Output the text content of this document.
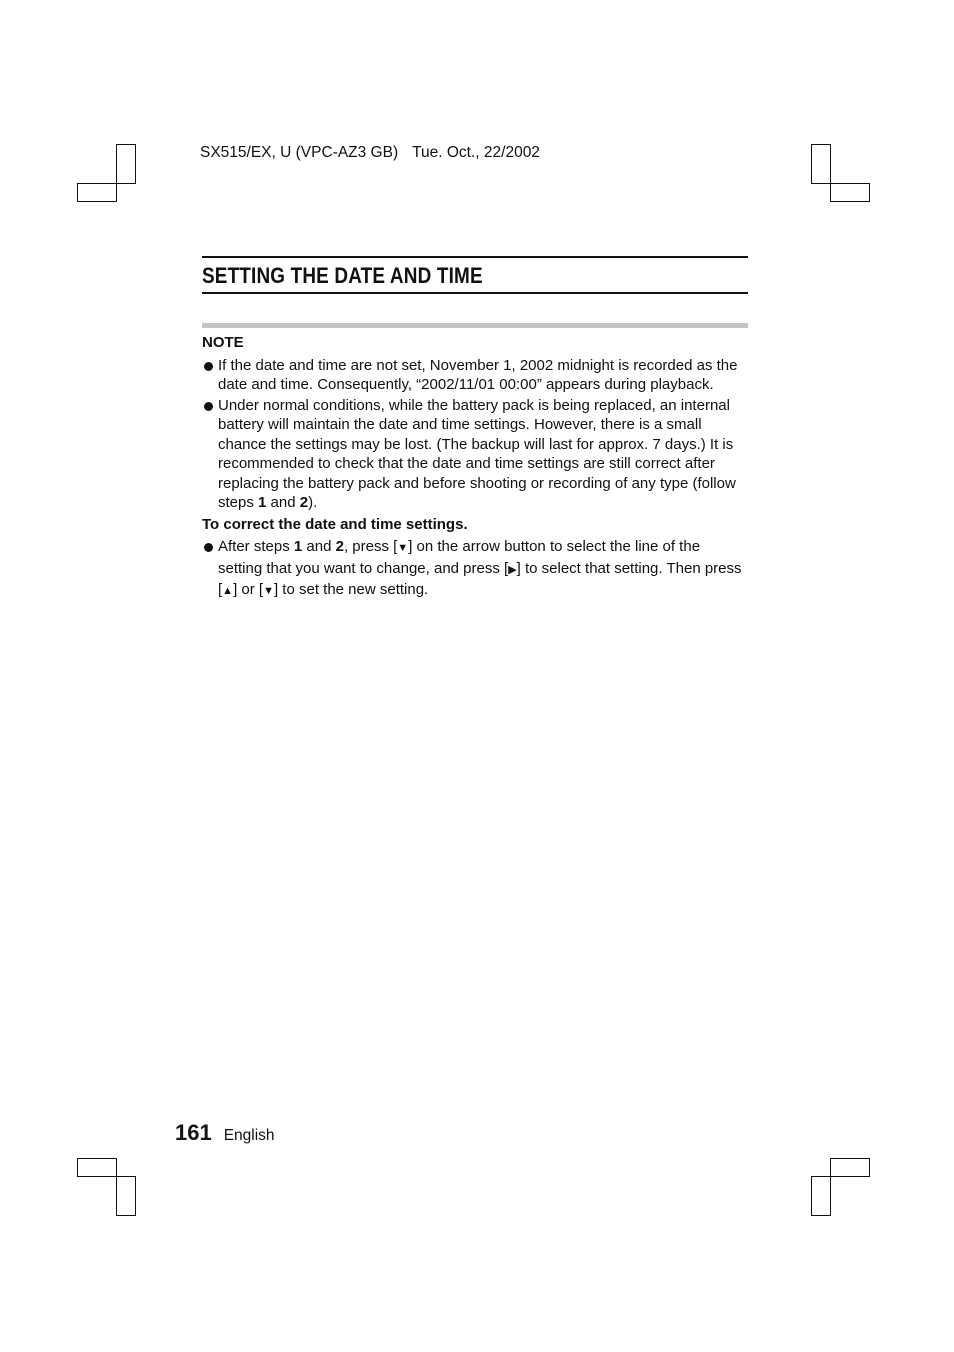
SX515/EX, U (VPC-AZ3 GB) Tue. Oct., 22/2002
SETTING THE DATE AND TIME
NOTE
If the date and time are not set, November 1, 2002 midnight is recorded as the date and time. Consequently, “2002/11/01 00:00” appears during playback.
Under normal conditions, while the battery pack is being replaced, an internal battery will maintain the date and time settings. However, there is a small chance the settings may be lost. (The backup will last for approx. 7 days.) It is recommended to check that the date and time settings are still correct after replacing the battery pack and before shooting or recording of any type (follow steps 1 and 2).
To correct the date and time settings.
After steps 1 and 2, press [▼] on the arrow button to select the line of the setting that you want to change, and press [▶] to select that setting. Then press [▲] or [▼] to set the new setting.
161 English
